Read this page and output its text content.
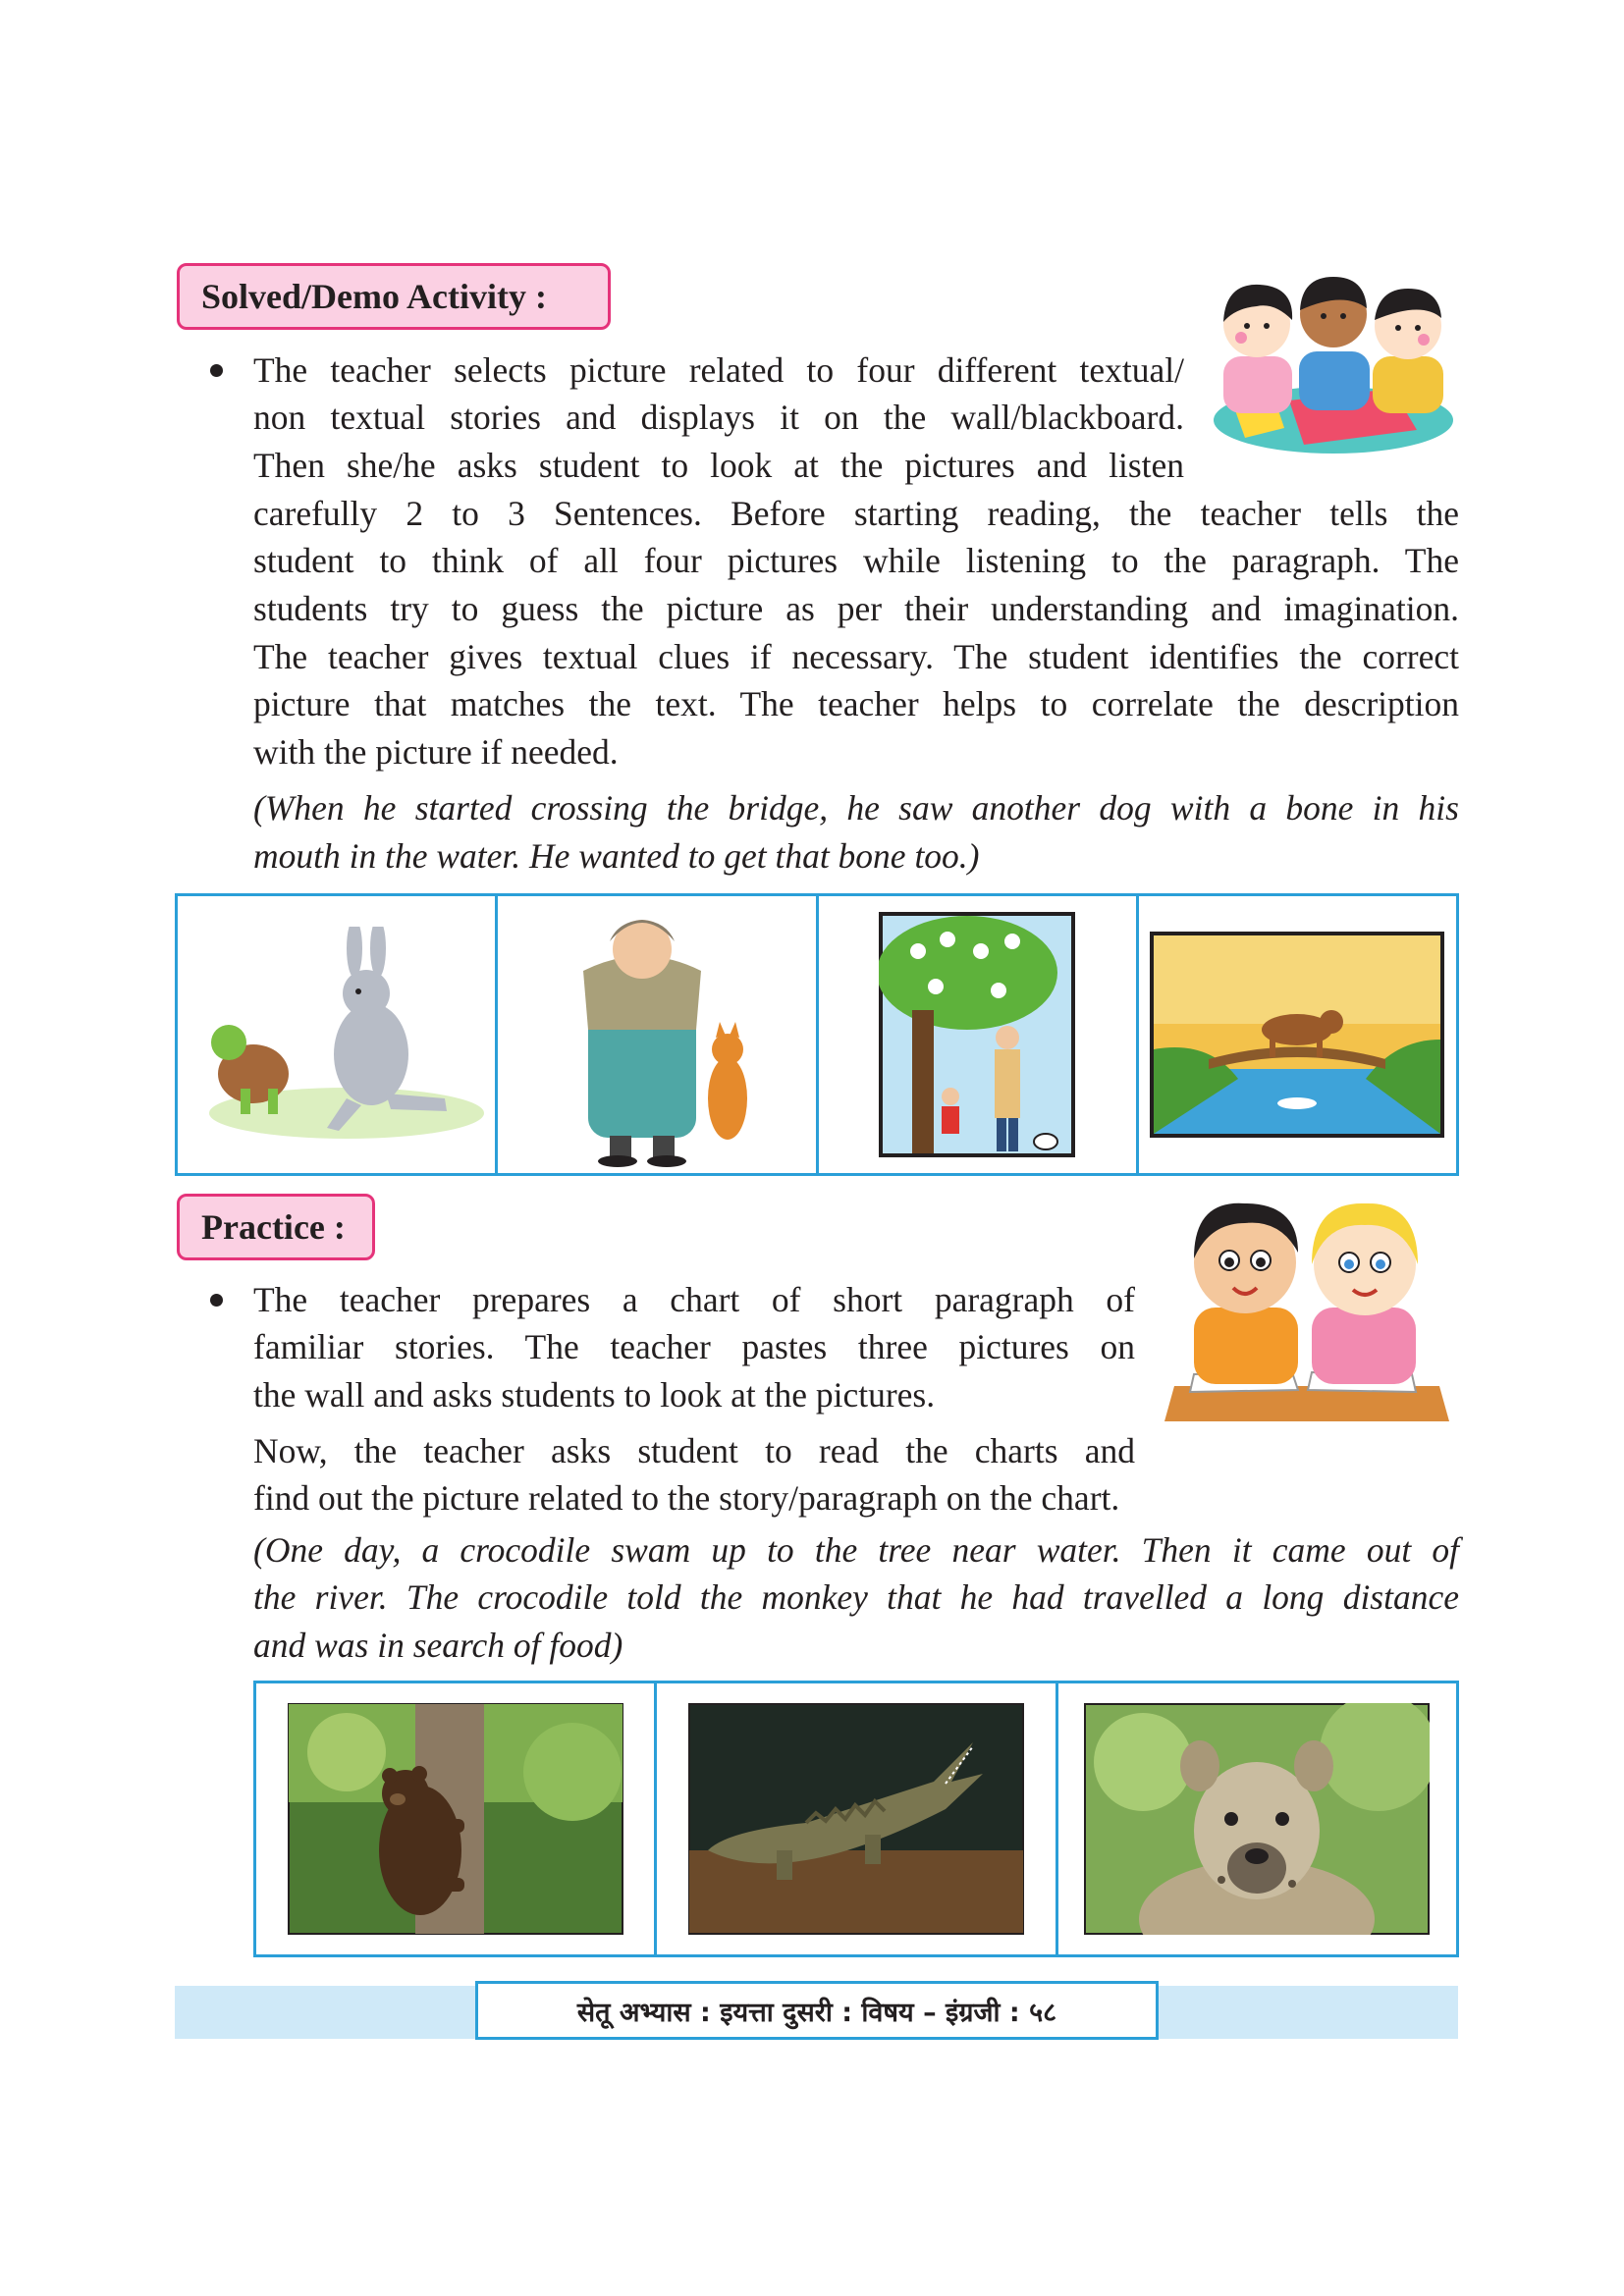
Solved/Demo Activity :

The teacher selects picture related to four different textual/

non textual stories and displays it on the wall/blackboard.

Then she/he asks student to look at the pictures and listen

carefully 2 to 3 Sentences. Before starting reading, the teacher tells the

student to think of all four pictures while listening to the paragraph. The

students try to guess the picture as per their understanding and imagination.

The teacher gives textual clues if necessary. The student identifies the correct

picture that matches the text. The teacher helps to correlate the description

with the picture if needed.

(When he started crossing the bridge, he saw another dog with a bone in his

mouth in the water. He wanted to get that bone too.)

Practice :

The teacher prepares a chart of short paragraph of

familiar stories. The teacher pastes three pictures on

the wall and asks students to look at the pictures.

Now, the teacher asks student to read the charts and

find out the picture related to the story/paragraph on the chart.

(One day, a crocodile swam up to the tree near water. Then it came out of

the river. The crocodile told the monkey that he had travelled a long distance

and was in search of food)

सेतू अभ्यास : इयत्ता दुसरी : विषय – इंग्रजी : ५८
